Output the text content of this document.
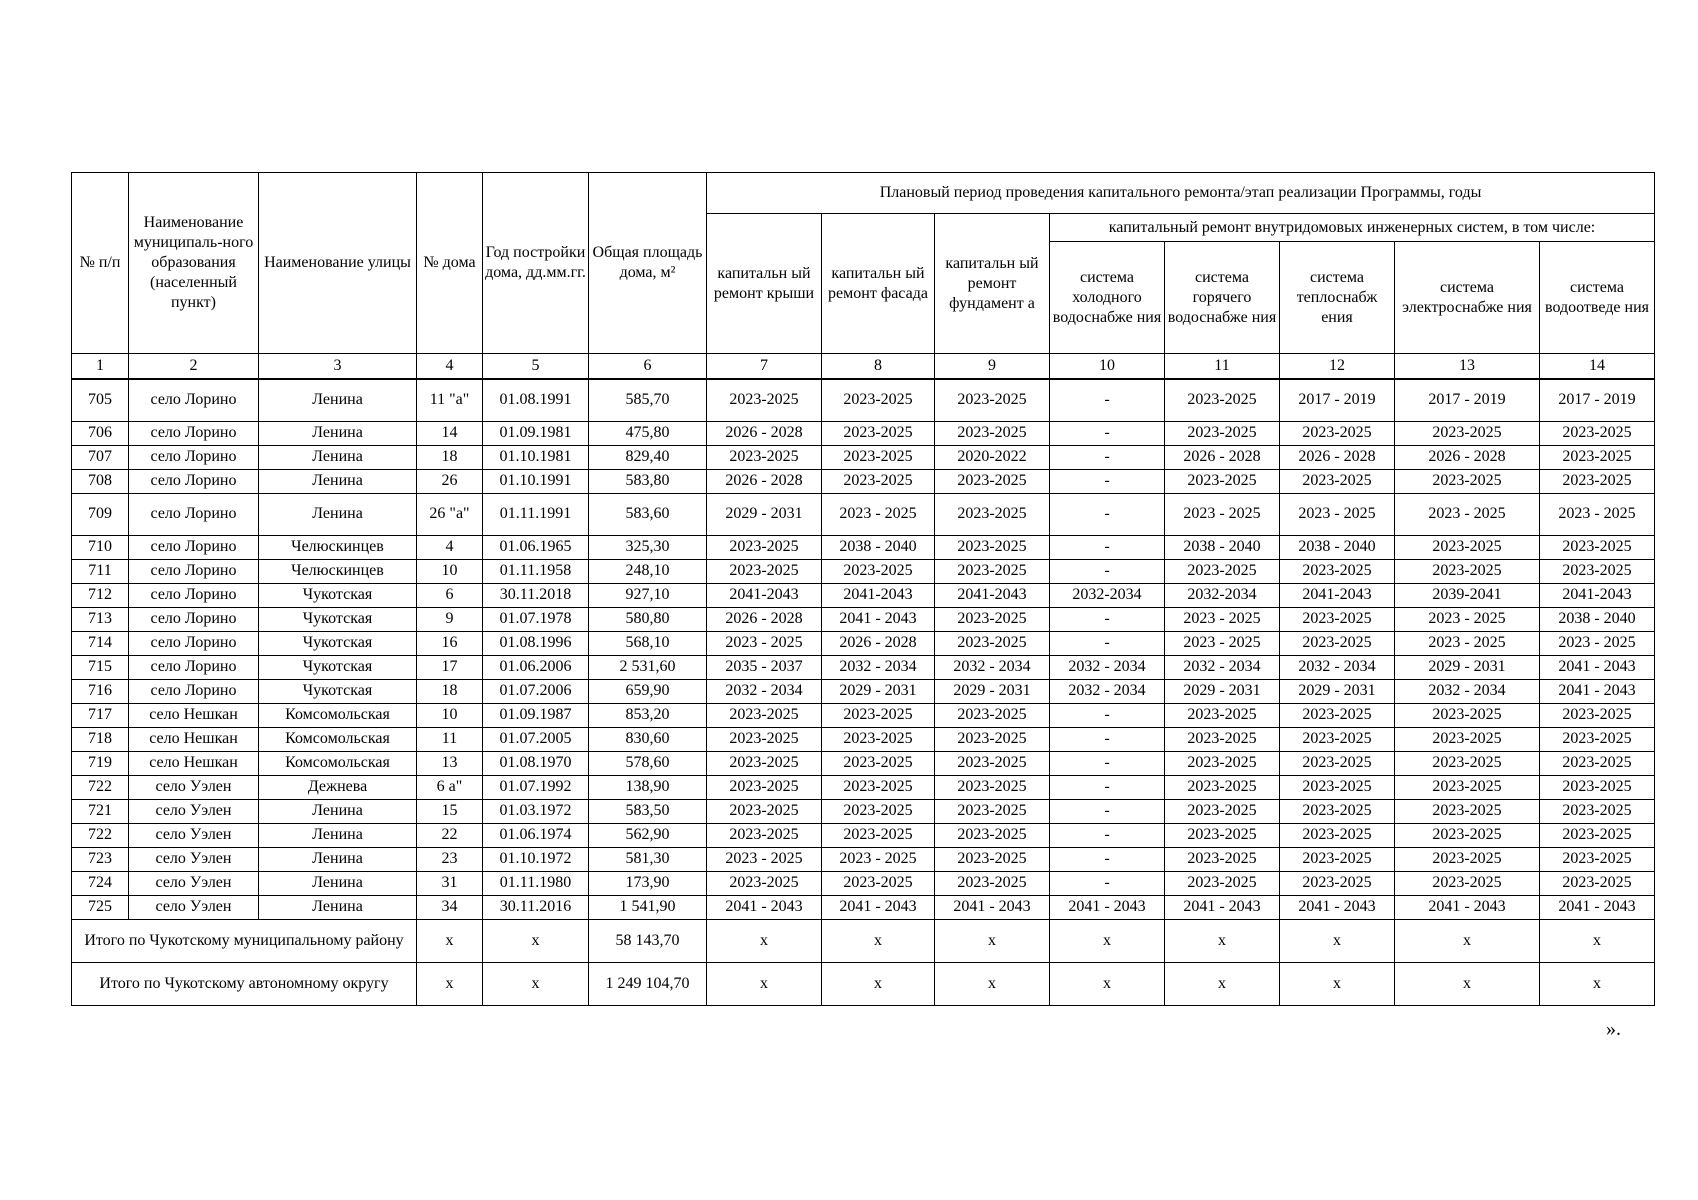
№ п/п	Наименование муниципаль-ного образования (населенный пункт)	Наименование улицы	№ дома	Год постройки дома, дд.мм.гг.	Общая площадь дома, м²	Плановый период проведения капитального ремонта/этап реализации Программы, годы							
						капитальн ый ремонт крыши	капитальн ый ремонт фасада	капитальн ый ремонт фундамент а	капитальный ремонт внутридомовых инженерных систем, в том числе:				
									система холодного водоснабже ния	система горячего водоснабже ния	система теплоснабж ения	система электроснабже ния	система водоотведе ния
1	2	3	4	5	6	7	8	9	10	11	12	13	14
705	село Лорино	Ленина	11 "а"	01.08.1991	585,70	2023-2025	2023-2025	2023-2025	-	2023-2025	2017 - 2019	2017 - 2019	2017 - 2019
706	село Лорино	Ленина	14	01.09.1981	475,80	2026 - 2028	2023-2025	2023-2025	-	2023-2025	2023-2025	2023-2025	2023-2025
707	село Лорино	Ленина	18	01.10.1981	829,40	2023-2025	2023-2025	2020-2022	-	2026 - 2028	2026 - 2028	2026 - 2028	2023-2025
708	село Лорино	Ленина	26	01.10.1991	583,80	2026 - 2028	2023-2025	2023-2025	-	2023-2025	2023-2025	2023-2025	2023-2025
709	село Лорино	Ленина	26 "а"	01.11.1991	583,60	2029 - 2031	2023 - 2025	2023-2025	-	2023 - 2025	2023 - 2025	2023 - 2025	2023 - 2025
710	село Лорино	Челюскинцев	4	01.06.1965	325,30	2023-2025	2038 - 2040	2023-2025	-	2038 - 2040	2038 - 2040	2023-2025	2023-2025
711	село Лорино	Челюскинцев	10	01.11.1958	248,10	2023-2025	2023-2025	2023-2025	-	2023-2025	2023-2025	2023-2025	2023-2025
712	село Лорино	Чукотская	6	30.11.2018	927,10	2041-2043	2041-2043	2041-2043	2032-2034	2032-2034	2041-2043	2039-2041	2041-2043
713	село Лорино	Чукотская	9	01.07.1978	580,80	2026 - 2028	2041 - 2043	2023-2025	-	2023 - 2025	2023-2025	2023 - 2025	2038 - 2040
714	село Лорино	Чукотская	16	01.08.1996	568,10	2023 - 2025	2026 - 2028	2023-2025	-	2023 - 2025	2023-2025	2023 - 2025	2023 - 2025
715	село Лорино	Чукотская	17	01.06.2006	2 531,60	2035 - 2037	2032 - 2034	2032 - 2034	2032 - 2034	2032 - 2034	2032 - 2034	2029 - 2031	2041 - 2043
716	село Лорино	Чукотская	18	01.07.2006	659,90	2032 - 2034	2029 - 2031	2029 - 2031	2032 - 2034	2029 - 2031	2029 - 2031	2032 - 2034	2041 - 2043
717	село Нешкан	Комсомольская	10	01.09.1987	853,20	2023-2025	2023-2025	2023-2025	-	2023-2025	2023-2025	2023-2025	2023-2025
718	село Нешкан	Комсомольская	11	01.07.2005	830,60	2023-2025	2023-2025	2023-2025	-	2023-2025	2023-2025	2023-2025	2023-2025
719	село Нешкан	Комсомольская	13	01.08.1970	578,60	2023-2025	2023-2025	2023-2025	-	2023-2025	2023-2025	2023-2025	2023-2025
722	село Уэлен	Дежнева	6 а"	01.07.1992	138,90	2023-2025	2023-2025	2023-2025	-	2023-2025	2023-2025	2023-2025	2023-2025
721	село Уэлен	Ленина	15	01.03.1972	583,50	2023-2025	2023-2025	2023-2025	-	2023-2025	2023-2025	2023-2025	2023-2025
722	село Уэлен	Ленина	22	01.06.1974	562,90	2023-2025	2023-2025	2023-2025	-	2023-2025	2023-2025	2023-2025	2023-2025
723	село Уэлен	Ленина	23	01.10.1972	581,30	2023 - 2025	2023 - 2025	2023-2025	-	2023-2025	2023-2025	2023-2025	2023-2025
724	село Уэлен	Ленина	31	01.11.1980	173,90	2023-2025	2023-2025	2023-2025	-	2023-2025	2023-2025	2023-2025	2023-2025
725	село Уэлен	Ленина	34	30.11.2016	1 541,90	2041 - 2043	2041 - 2043	2041 - 2043	2041 - 2043	2041 - 2043	2041 - 2043	2041 - 2043	2041 - 2043
Итого по Чукотскому муниципальному району			х	х	58 143,70	х	х	х	х	х	х	х	х
Итого по Чукотскому автономному округу			х	х	1 249 104,70	х	х	х	х	х	х	х	х
».
